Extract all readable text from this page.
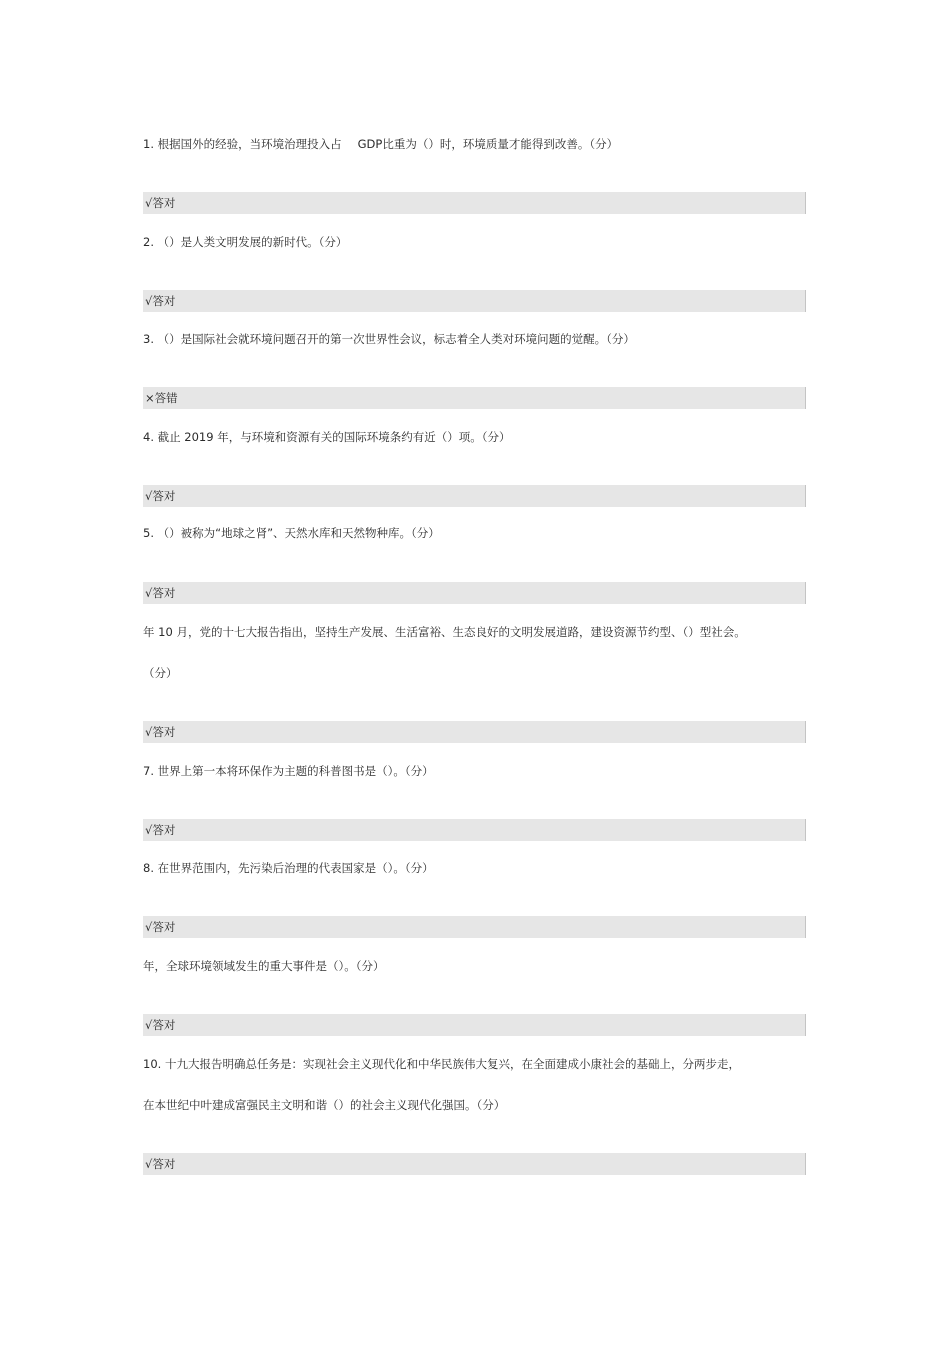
1. 根据国外的经验，当环境治理投入占 GDP比重为（）时，环境质量才能得到改善。（分）
√答对
2. （）是人类文明发展的新时代。（分）
√答对
3. （）是国际社会就环境问题召开的第一次世界性会议，标志着全人类对环境问题的觉醒。（分）
×答错
4. 截止 2019 年，与环境和资源有关的国际环境条约有近（）项。（分）
√答对
5. （）被称为“地球之肾”、天然水库和天然物种库。（分）
√答对
年 10 月，党的十七大报告指出，坚持生产发展、生活富裕、生态良好的文明发展道路，建设资源节约型、（）型社会。
（分）
√答对
7. 世界上第一本将环保作为主题的科普图书是（）。（分）
√答对
8. 在世界范围内，先污染后治理的代表国家是（）。（分）
√答对
年，全球环境领域发生的重大事件是（）。（分）
√答对
10. 十九大报告明确总任务是：实现社会主义现代化和中华民族伟大复兴，在全面建成小康社会的基础上，分两步走，
在本世纪中叶建成富强民主文明和谐（）的社会主义现代化强国。（分）
√答对
